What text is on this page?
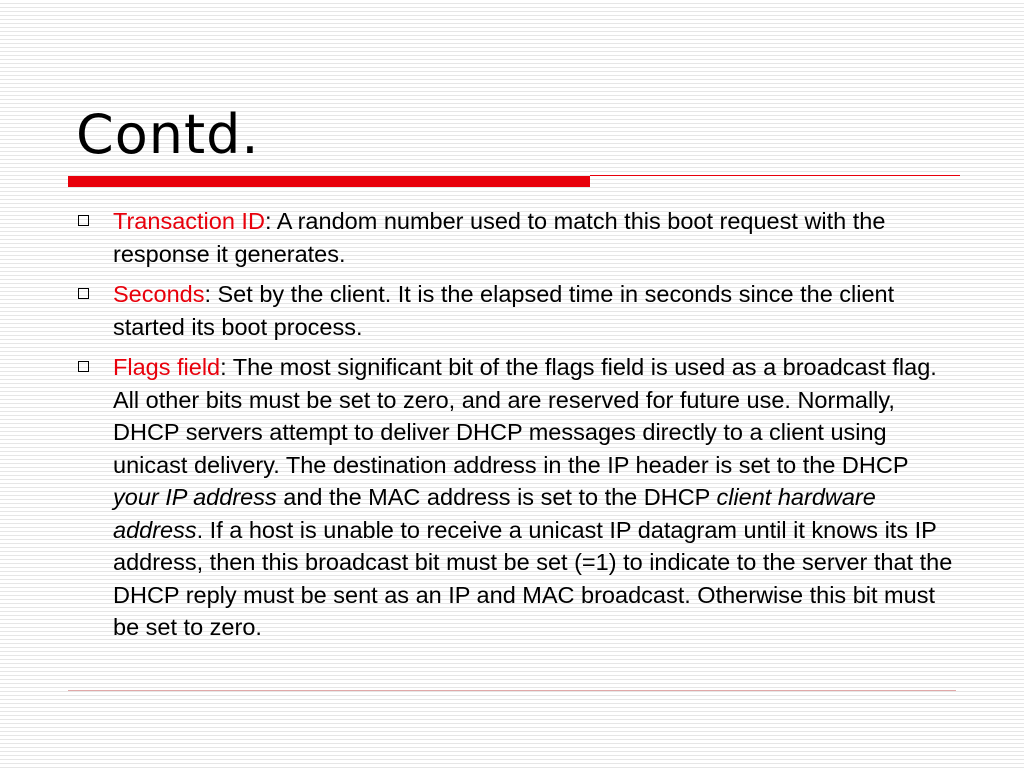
Contd.
Transaction ID: A random number used to match this boot request with the response it generates.
Seconds: Set by the client. It is the elapsed time in seconds since the client started its boot process.
Flags field: The most significant bit of the flags field is used as a broadcast flag. All other bits must be set to zero, and are reserved for future use. Normally, DHCP servers attempt to deliver DHCP messages directly to a client using unicast delivery. The destination address in the IP header is set to the DHCP your IP address and the MAC address is set to the DHCP client hardware address. If a host is unable to receive a unicast IP datagram until it knows its IP address, then this broadcast bit must be set (=1) to indicate to the server that the DHCP reply must be sent as an IP and MAC broadcast. Otherwise this bit must be set to zero.
